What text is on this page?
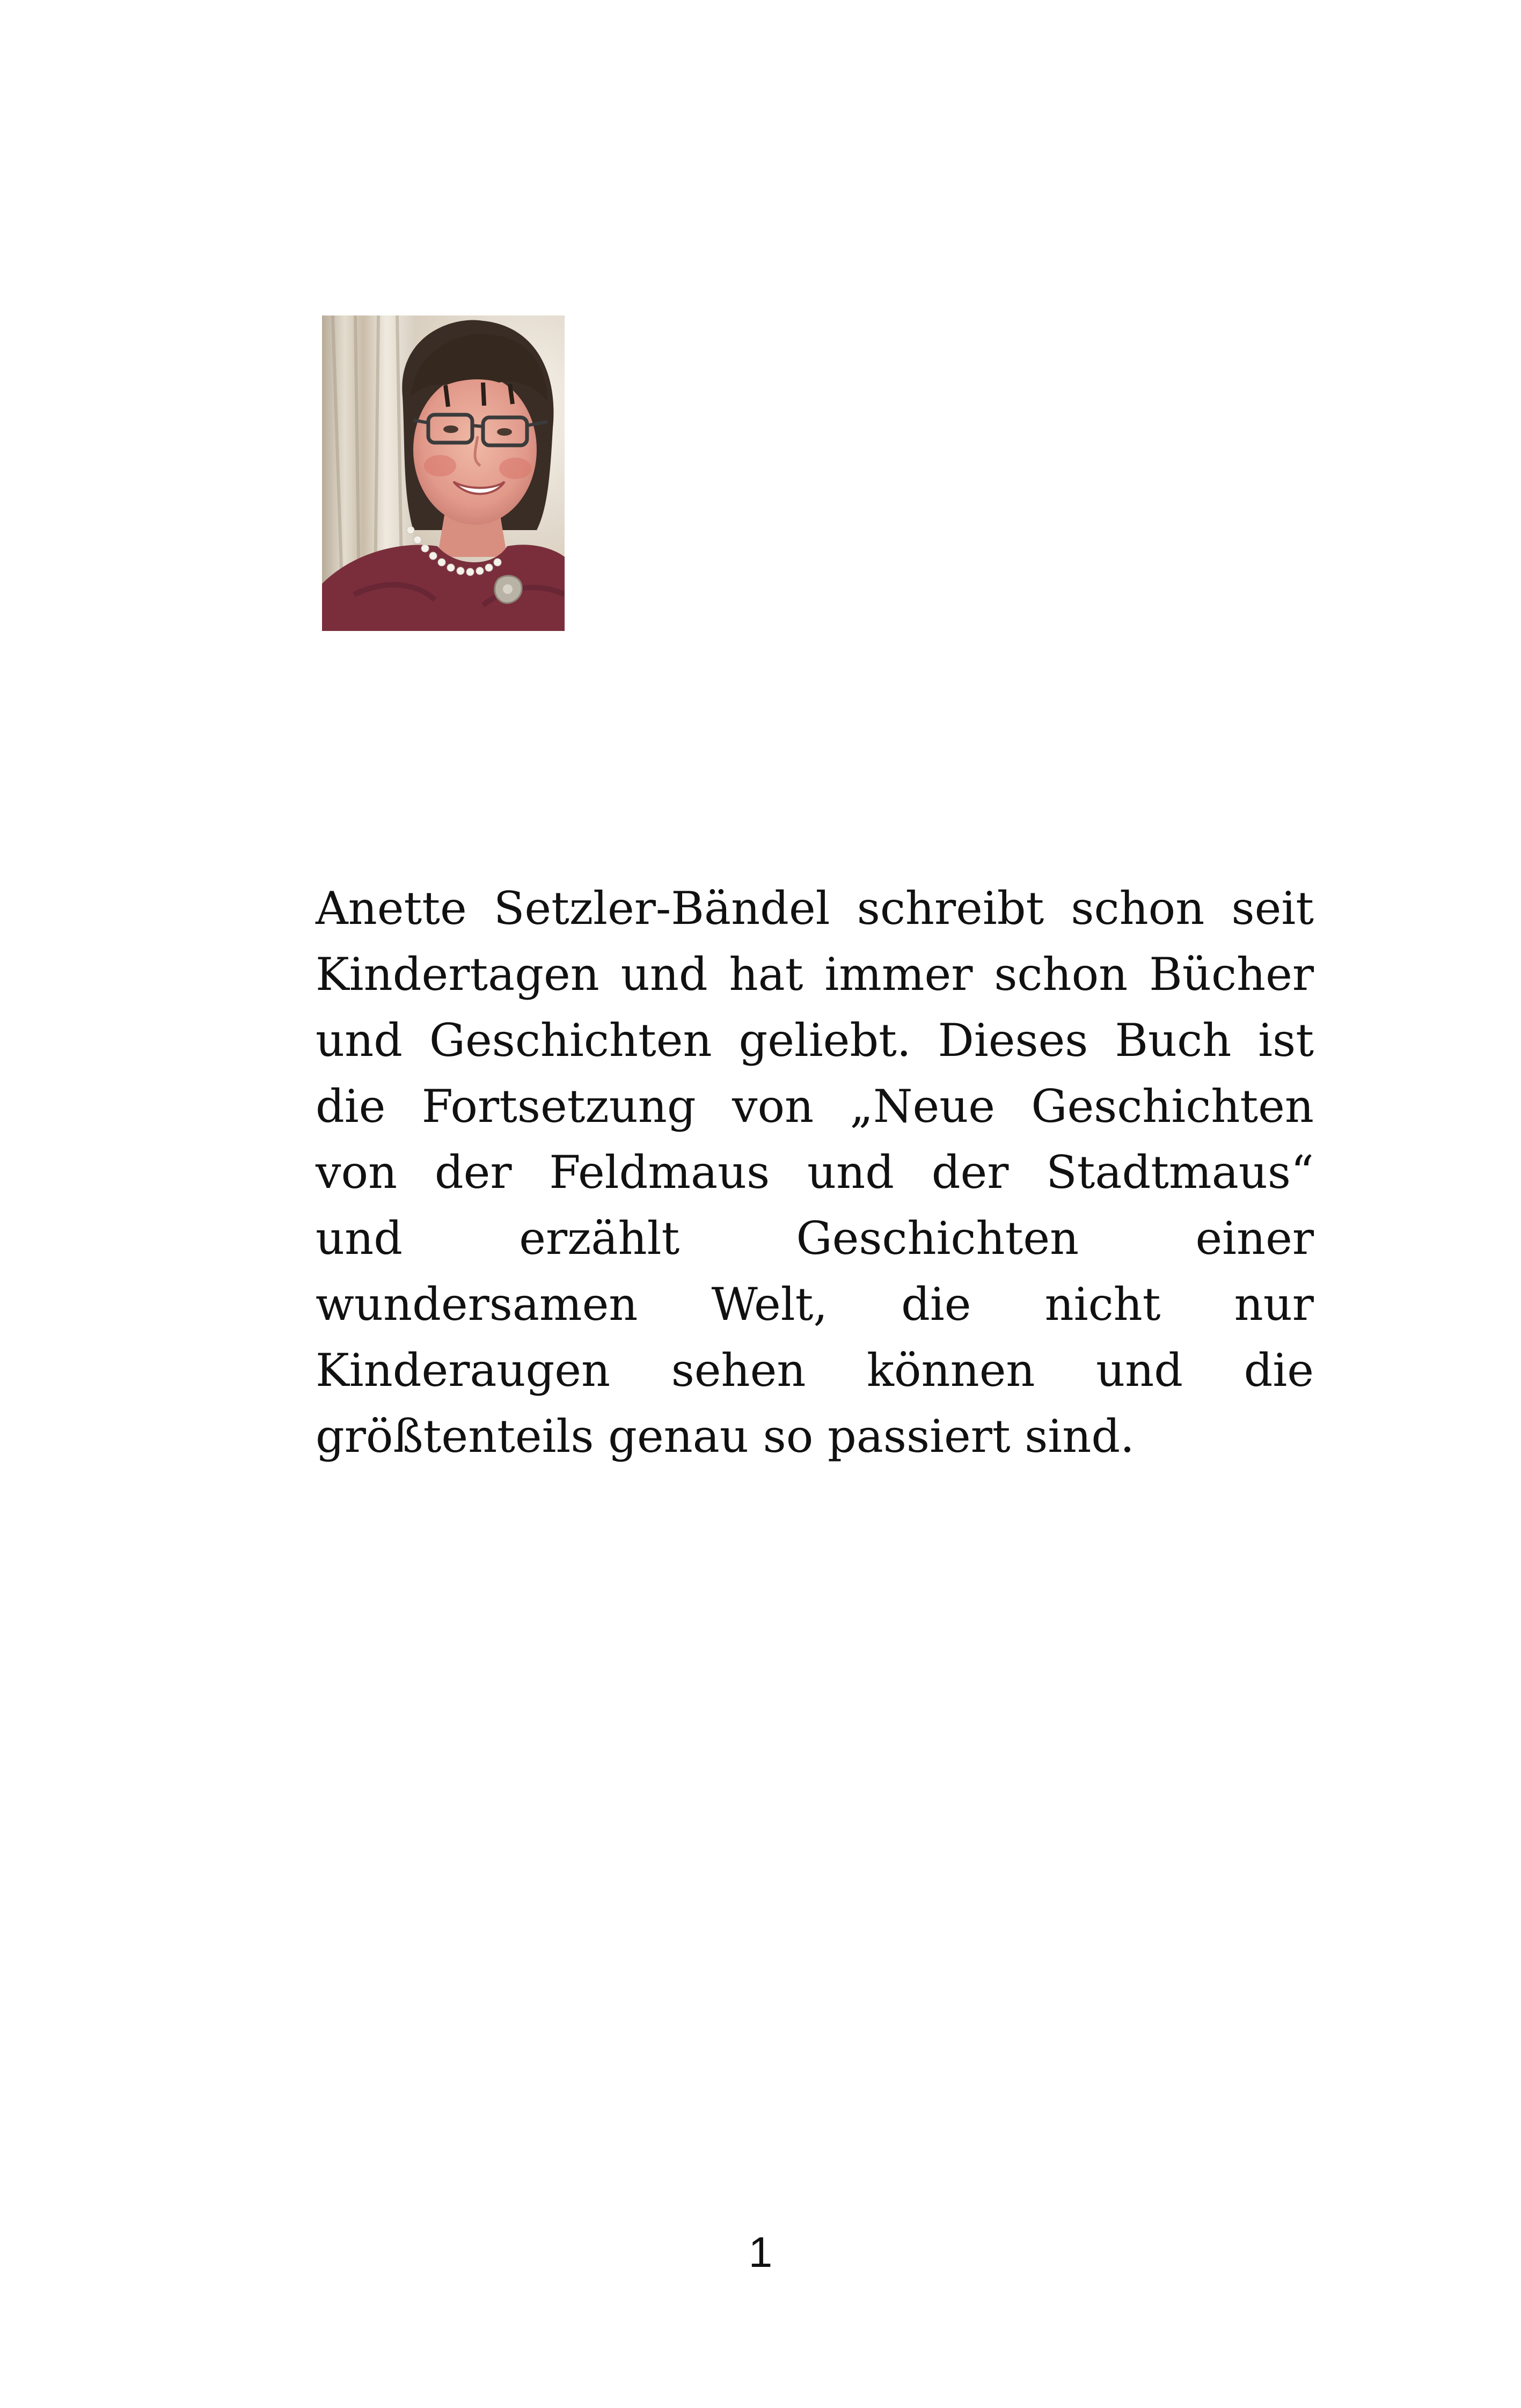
Anette Setzler-Bändel schreibt schon seit
Kindertagen und hat immer schon Bücher
und Geschichten geliebt. Dieses Buch ist
die Fortsetzung von „Neue Geschichten
von der Feldmaus und der Stadtmaus“
und	erzählt	Geschichten	einer
wundersamen Welt, die nicht nur
Kinderaugen sehen können und die
größtenteils genau so passiert sind.

1
